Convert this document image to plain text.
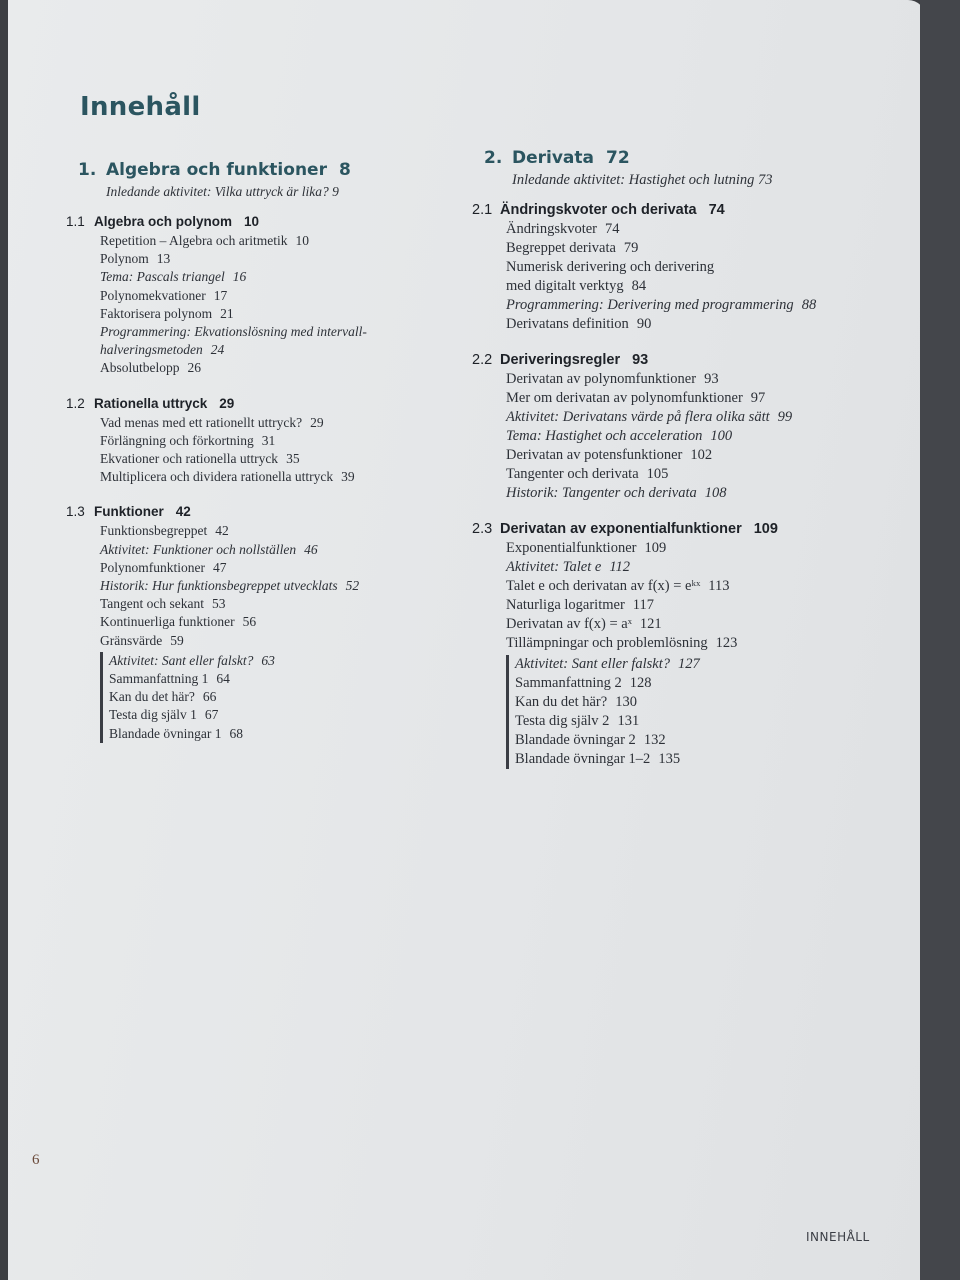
Innehåll
1. Algebra och funktioner 8
Inledande aktivitet: Vilka uttryck är lika? 9
1.1 Algebra och polynom 10
Repetition – Algebra och aritmetik 10
Polynom 13
Tema: Pascals triangel 16
Polynomekvationer 17
Faktorisera polynom 21
Programmering: Ekvationslösning med intervall-
halveringsmetoden 24
Absolutbelopp 26
1.2 Rationella uttryck 29
Vad menas med ett rationellt uttryck? 29
Förlängning och förkortning 31
Ekvationer och rationella uttryck 35
Multiplicera och dividera rationella uttryck 39
1.3 Funktioner 42
Funktionsbegreppet 42
Aktivitet: Funktioner och nollställen 46
Polynomfunktioner 47
Historik: Hur funktionsbegreppet utvecklats 52
Tangent och sekant 53
Kontinuerliga funktioner 56
Gränsvärde 59
Aktivitet: Sant eller falskt? 63
Sammanfattning 1 64
Kan du det här? 66
Testa dig själv 1 67
Blandade övningar 1 68
2. Derivata 72
Inledande aktivitet: Hastighet och lutning 73
2.1 Ändringskvoter och derivata 74
Ändringskvoter 74
Begreppet derivata 79
Numerisk derivering och derivering
med digitalt verktyg 84
Programmering: Derivering med programmering 88
Derivatans definition 90
2.2 Deriveringsregler 93
Derivatan av polynomfunktioner 93
Mer om derivatan av polynomfunktioner 97
Aktivitet: Derivatans värde på flera olika sätt 99
Tema: Hastighet och acceleration 100
Derivatan av potensfunktioner 102
Tangenter och derivata 105
Historik: Tangenter och derivata 108
2.3 Derivatan av exponentialfunktioner 109
Exponentialfunktioner 109
Aktivitet: Talet e 112
Talet e och derivatan av f(x) = eᵏˣ 113
Naturliga logaritmer 117
Derivatan av f(x) = aˣ 121
Tillämpningar och problemlösning 123
Aktivitet: Sant eller falskt? 127
Sammanfattning 2 128
Kan du det här? 130
Testa dig själv 2 131
Blandade övningar 2 132
Blandade övningar 1–2 135
6
INNEHÅLL
